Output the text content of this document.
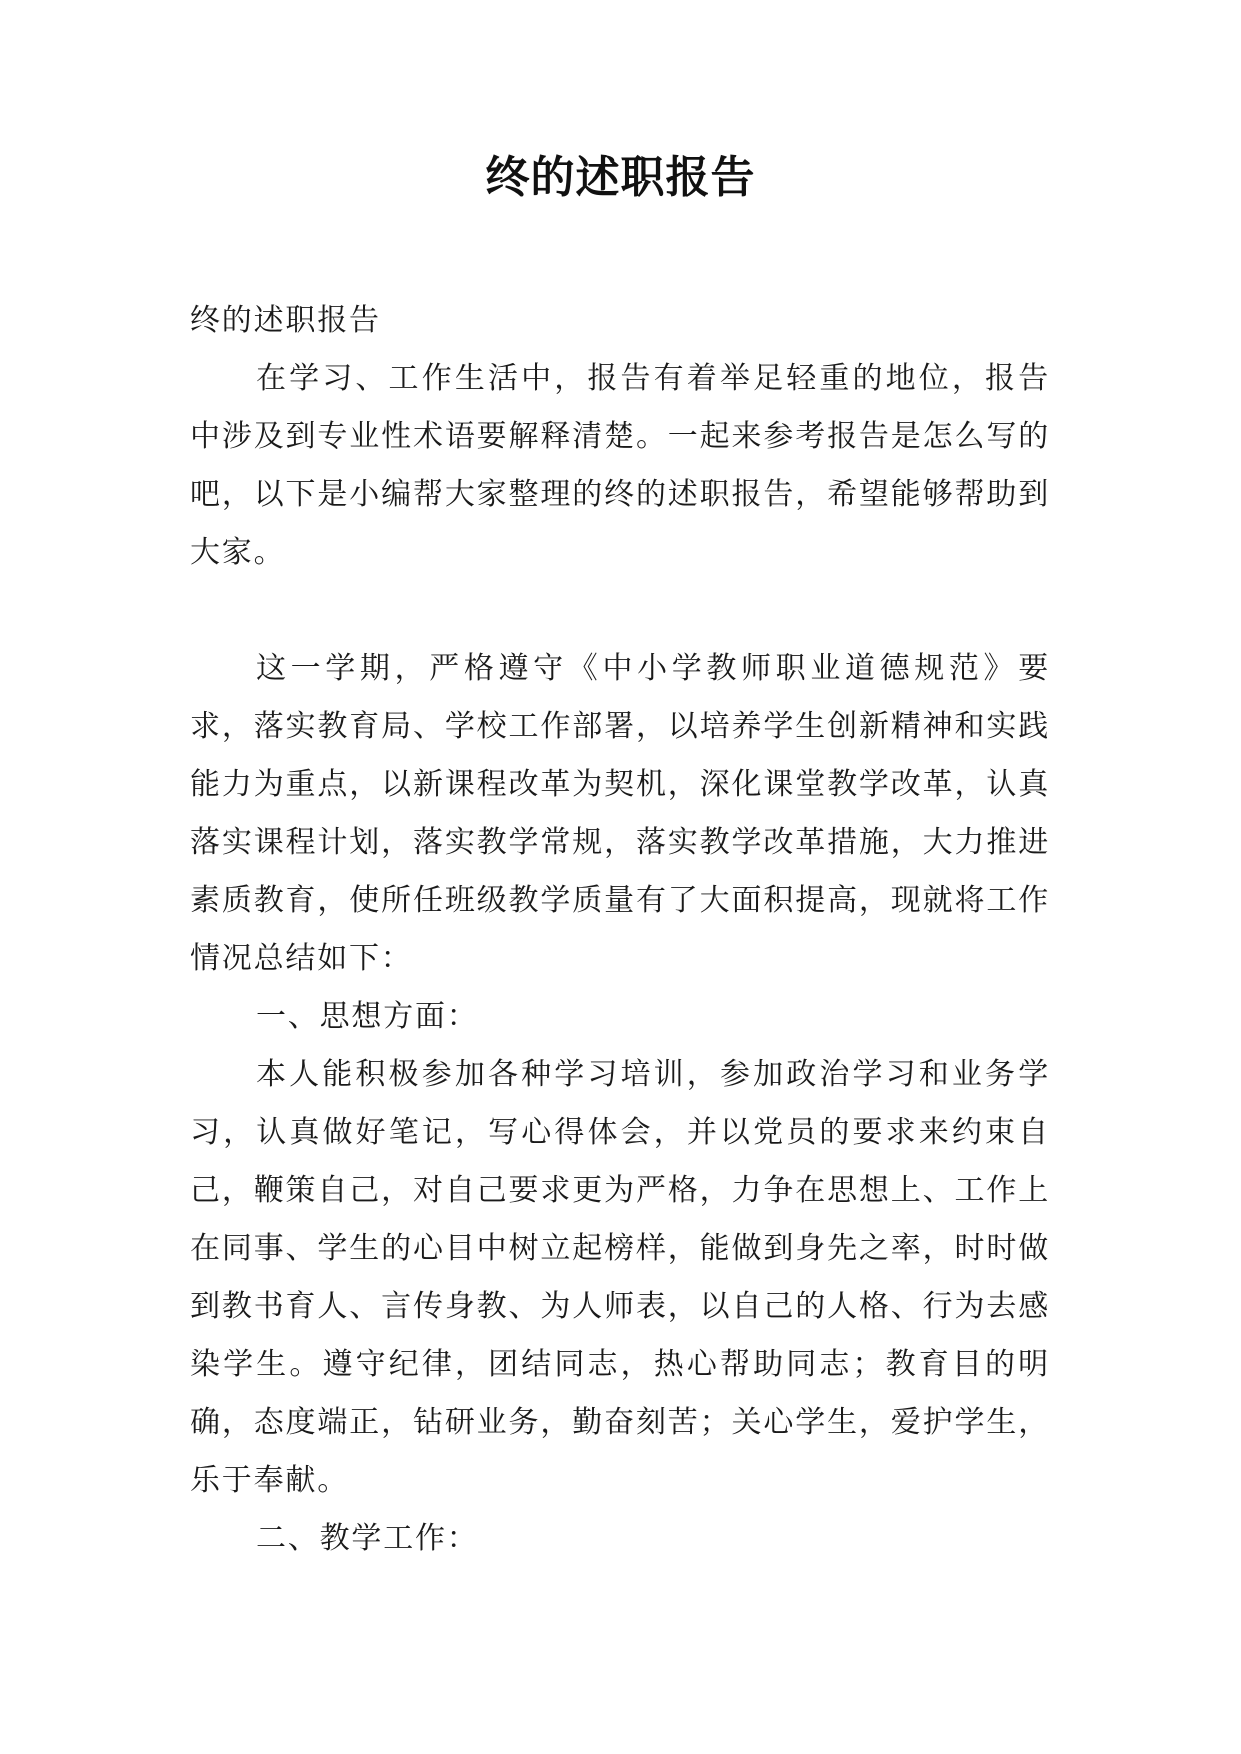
终的述职报告

终的述职报告

在学习、工作生活中，报告有着举足轻重的地位，报告中涉及到专业性术语要解释清楚。一起来参考报告是怎么写的吧，以下是小编帮大家整理的终的述职报告，希望能够帮助到大家。

这一学期，严格遵守《中小学教师职业道德规范》要求，落实教育局、学校工作部署，以培养学生创新精神和实践能力为重点，以新课程改革为契机，深化课堂教学改革，认真落实课程计划，落实教学常规，落实教学改革措施，大力推进素质教育，使所任班级教学质量有了大面积提高，现就将工作情况总结如下：

一、思想方面：

本人能积极参加各种学习培训，参加政治学习和业务学习，认真做好笔记，写心得体会，并以党员的要求来约束自己，鞭策自己，对自己要求更为严格，力争在思想上、工作上在同事、学生的心目中树立起榜样，能做到身先之率，时时做到教书育人、言传身教、为人师表，以自己的人格、行为去感染学生。遵守纪律，团结同志，热心帮助同志；教育目的明确，态度端正，钻研业务，勤奋刻苦；关心学生，爱护学生，乐于奉献。

二、教学工作：
